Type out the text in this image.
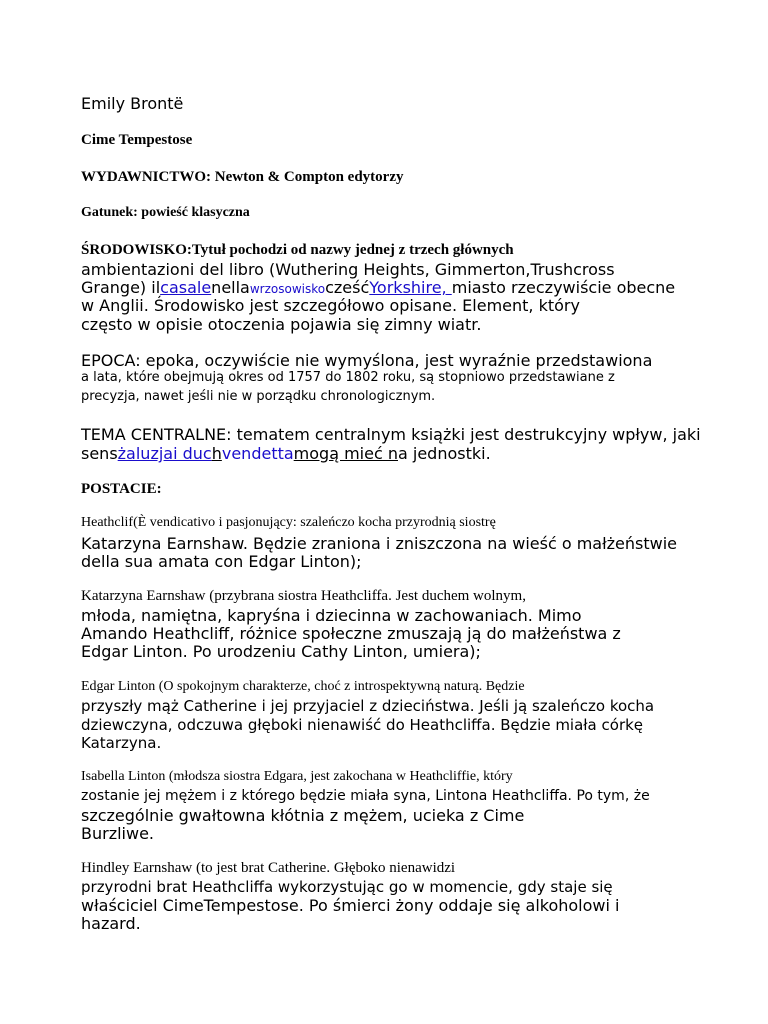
Emily Brontë
Cime Tempestose
WYDAWNICTWO: Newton & Compton edytorzy
Gatunek: powieść klasyczna
ŚRODOWISKO:Tytuł pochodzi od nazwy jednej z trzech głównych
ambientazioni del libro (Wuthering Heights, Gimmerton,Trushcross
Grange) ilcasalenellawrzosowiskocześćYorkshire, miasto rzeczywiście obecne
w Anglii. Środowisko jest szczegółowo opisane. Element, który
często w opisie otoczenia pojawia się zimny wiatr.
EPOCA: epoka, oczywiście nie wymyślona, jest wyraźnie przedstawiona
a lata, które obejmują okres od 1757 do 1802 roku, są stopniowo przedstawiane z
precyzja, nawet jeśli nie w porządku chronologicznym.
TEMA CENTRALNE: tematem centralnym książki jest destrukcyjny wpływ, jaki
sensżaluzjai duchvendettamogą mieć na jednostki.
POSTACIE:
Heathclif(È vendicativo i pasjonujący: szaleńczo kocha przyrodnią siostrę
Katarzyna Earnshaw. Będzie zraniona i zniszczona na wieść o małżeństwie
della sua amata con Edgar Linton);
Katarzyna Earnshaw (przybrana siostra Heathcliffa. Jest duchem wolnym,
młoda, namiętna, kapryśna i dziecinna w zachowaniach. Mimo
Amando Heathcliff, różnice społeczne zmuszają ją do małżeństwa z
Edgar Linton. Po urodzeniu Cathy Linton, umiera);
Edgar Linton (O spokojnym charakterze, choć z introspektywną naturą. Będzie
przyszły mąż Catherine i jej przyjaciel z dzieciństwa. Jeśli ją szaleńczo kocha
dziewczyna, odczuwa głęboki nienawiść do Heathcliffa. Będzie miała córkę
Katarzyna.
Isabella Linton (młodsza siostra Edgara, jest zakochana w Heathcliffie, który
zostanie jej mężem i z którego będzie miała syna, Lintona Heathcliffa. Po tym, że
szczególnie gwałtowna kłótnia z mężem, ucieka z Cime
Burzliwe.
Hindley Earnshaw (to jest brat Catherine. Głęboko nienawidzi
przyrodni brat Heathcliffa wykorzystując go w momencie, gdy staje się
właściciel CimeTempestose. Po śmierci żony oddaje się alkoholowi i
hazard.
